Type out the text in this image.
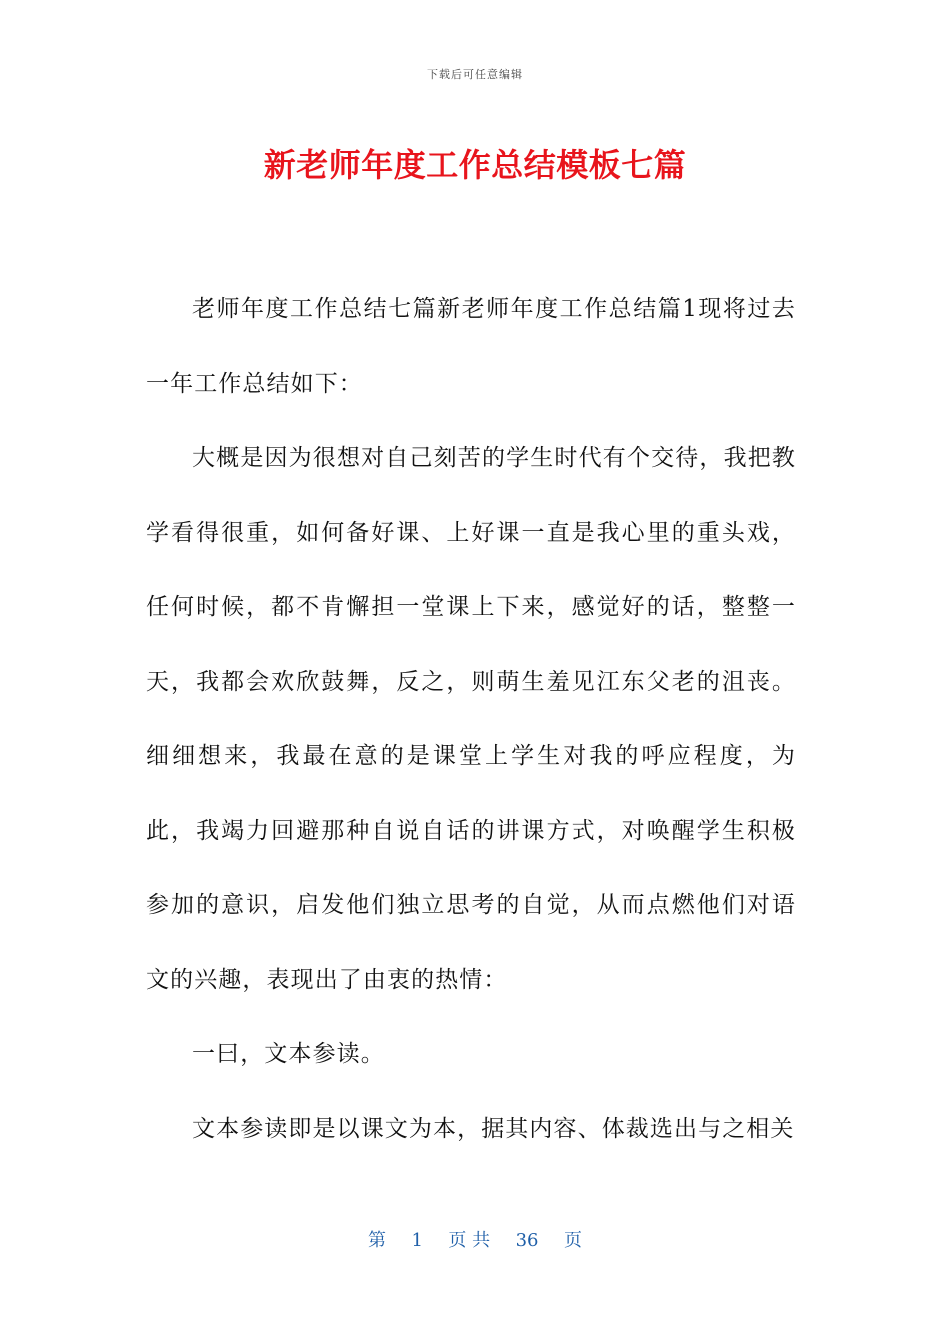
下载后可任意编辑
新老师年度工作总结模板七篇

老师年度工作总结七篇新老师年度工作总结篇1现将过去一年工作总结如下：

大概是因为很想对自己刻苦的学生时代有个交待，我把教学看得很重，如何备好课、上好课一直是我心里的重头戏，任何时候，都不肯懈担一堂课上下来，感觉好的话，整整一天，我都会欢欣鼓舞，反之，则萌生羞见江东父老的沮丧。细细想来，我最在意的是课堂上学生对我的呼应程度，为此，我竭力回避那种自说自话的讲课方式，对唤醒学生积极参加的意识，启发他们独立思考的自觉，从而点燃他们对语文的兴趣，表现出了由衷的热情：

一曰，文本参读。

文本参读即是以课文为本，据其内容、体裁选出与之相关

第 1 页 共 36 页
